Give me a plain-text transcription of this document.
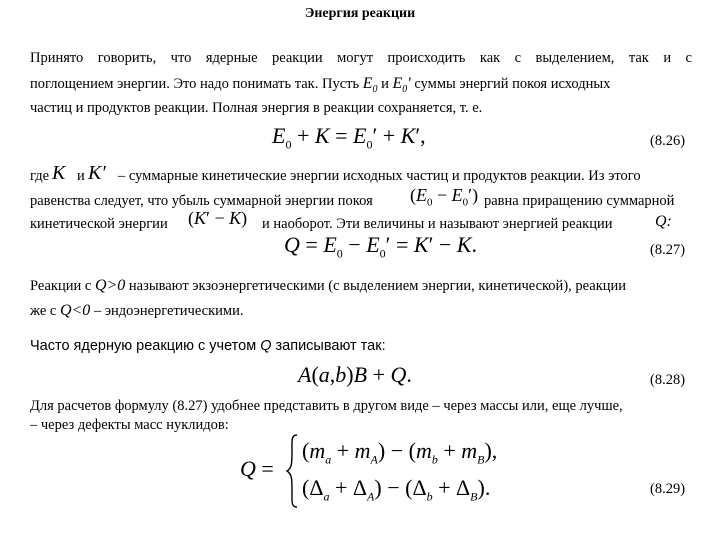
Энергия реакции
Принято говорить, что ядерные реакции могут происходить как с выделением, так и с
поглощением энергии. Это надо понимать так. Пусть $E_0$ и $E_0'$ суммы энергий покоя исходных
частиц и продуктов реакции. Полная энергия в реакции сохраняется, т. е.
$E_0 + K = E_0' + K'$,	(8.26)
где K и K′ – суммарные кинетические энергии исходных частиц и продуктов реакции. Из этого
равенства следует, что убыль суммарной энергии покоя $(E_0 - E_0')$ равна приращению суммарной
кинетической энергии (K′ − K) и наоборот. Эти величины и называют энергией реакции	Q:
$Q = E_0 - E_0' = K' - K$.	(8.27)
Реакции с Q>0 называют экзоэнергетическими (с выделением энергии, кинетической), реакции
же с Q<0 – эндоэнергетическими.
Часто ядерную реакцию с учетом Q записывают так:
A(a,b)B + Q.	(8.28)
Для расчетов формулу (8.27) удобнее представить в другом виде – через массы или, еще лучше,
– через дефекты масс нуклидов:
Q =
$(m_a + m_A) - (m_b + m_B)$,
$(\Delta_a + \Delta_A) - (\Delta_b + \Delta_B)$.	(8.29)
